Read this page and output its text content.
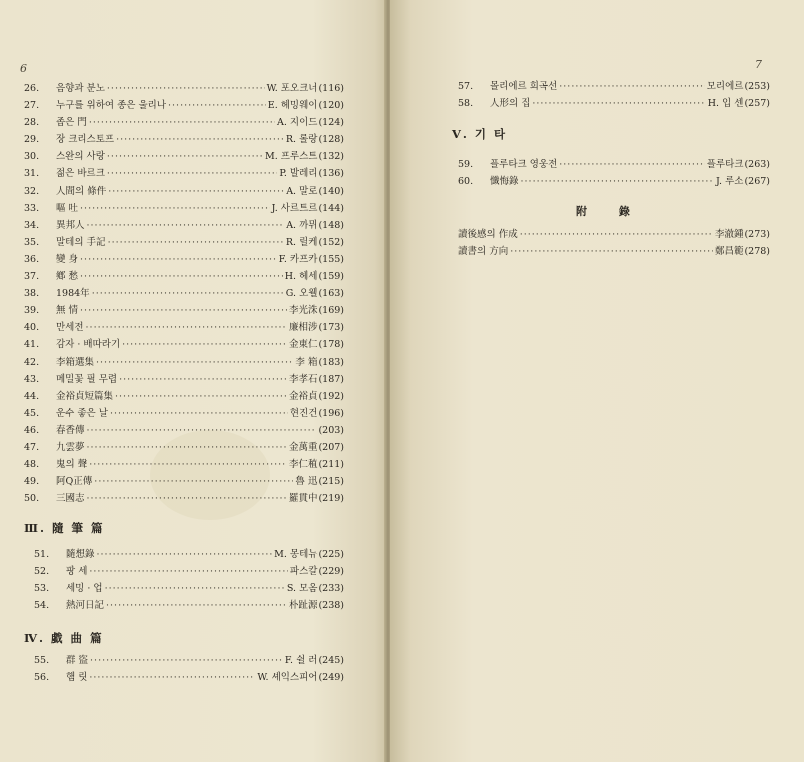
6
26.	음향과 분노 ·····	W. 포오크너 (116)
27.	누구를 위하여 종은 울리나 ·····	E. 헤밍웨이 (120)
28.	좁은 門 ·····	A. 지이드 (124)
29.	장 크리스토프 ·····	R. 롤랑 (128)
30.	스완의 사랑 ·····	M. 프루스트 (132)
31.	젊은 바르크 ·····	P. 발레리 (136)
32.	人間의 條件 ·····	A. 말로 (140)
33.	嘔 吐 ·····	J. 사르트르 (144)
34.	異邦人 ·····	A. 까뮈 (148)
35.	말테의 手記 ·····	R. 릴케 (152)
36.	變 身 ·····	F. 카프카 (155)
37.	鄕 愁 ·····	H. 헤세 (159)
38.	1984年 ·····	G. 오웰 (163)
39.	無 情 ·····	李光洙 (169)
40.	만세전 ·····	廉相涉 (173)
41.	감자 · 배따라기 ·····	金東仁 (178)
42.	李箱選集 ·····	李 箱 (183)
43.	메밀꽃 필 무렵 ·····	李孝石 (187)
44.	金裕貞短篇集 ·····	金裕貞 (192)
45.	운수 좋은 날 ·····	현진건 (196)
46.	春香傳 ·····	(203)
47.	九雲夢 ·····	金萬重 (207)
48.	鬼의 聲 ·····	李仁稙 (211)
49.	阿Q正傳 ·····	魯 迅 (215)
50.	三國志 ·····	羅貫中 (219)
Ⅲ. 隨 筆 篇
51.	隨想錄 ·····	M. 몽테뉴 (225)
52.	팡 세 ·····	파스칼 (229)
53.	세밍 · 업 ·····	S. 모옴 (233)
54.	熱河日記 ·····	朴趾源 (238)
Ⅳ. 戱 曲 篇
55.	群 盜 ·····	F. 쉴 러 (245)
56.	햄 릿 ·····	W. 셰익스피어 (249)
7
57.	몰리에르 희곡선 ·····	모리에르 (253)
58.	人形의 집 ·····	H. 입 센 (257)
Ⅴ. 기 타
59.	플루타크 영웅전 ·····	플루타크 (263)
60.	懺悔錄 ·····	J. 루소 (267)
附 錄
讀後感의 作成 ·····	李澈鍾 (273)
讀書의 方向 ·····	鄭昌範 (278)
